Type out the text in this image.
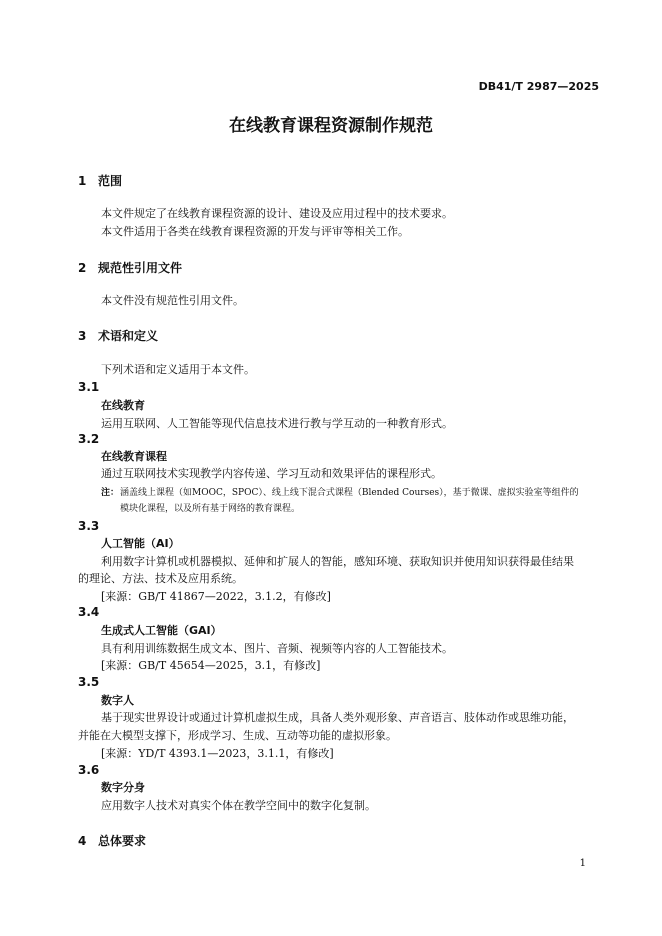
DB41/T 2987—2025
在线教育课程资源制作规范
1 范围
本文件规定了在线教育课程资源的设计、建设及应用过程中的技术要求。
本文件适用于各类在线教育课程资源的开发与评审等相关工作。
2 规范性引用文件
本文件没有规范性引用文件。
3 术语和定义
下列术语和定义适用于本文件。
3.1
在线教育
运用互联网、人工智能等现代信息技术进行教与学互动的一种教育形式。
3.2
在线教育课程
通过互联网技术实现教学内容传递、学习互动和效果评估的课程形式。
注： 涵盖线上课程（如MOOC，SPOC）、线上线下混合式课程（Blended Courses），基于微课、虚拟实验室等组件的
模块化课程，以及所有基于网络的教育课程。
3.3
人工智能（AI）
利用数字计算机或机器模拟、延伸和扩展人的智能，感知环境、获取知识并使用知识获得最佳结果
的理论、方法、技术及应用系统。
[来源：GB/T 41867—2022，3.1.2，有修改]
3.4
生成式人工智能（GAI）
具有利用训练数据生成文本、图片、音频、视频等内容的人工智能技术。
[来源：GB/T 45654—2025，3.1，有修改]
3.5
数字人
基于现实世界设计或通过计算机虚拟生成，具备人类外观形象、声音语言、肢体动作或思维功能，
并能在大模型支撑下，形成学习、生成、互动等功能的虚拟形象。
[来源：YD/T 4393.1—2023，3.1.1，有修改]
3.6
数字分身
应用数字人技术对真实个体在教学空间中的数字化复制。
4 总体要求
1
